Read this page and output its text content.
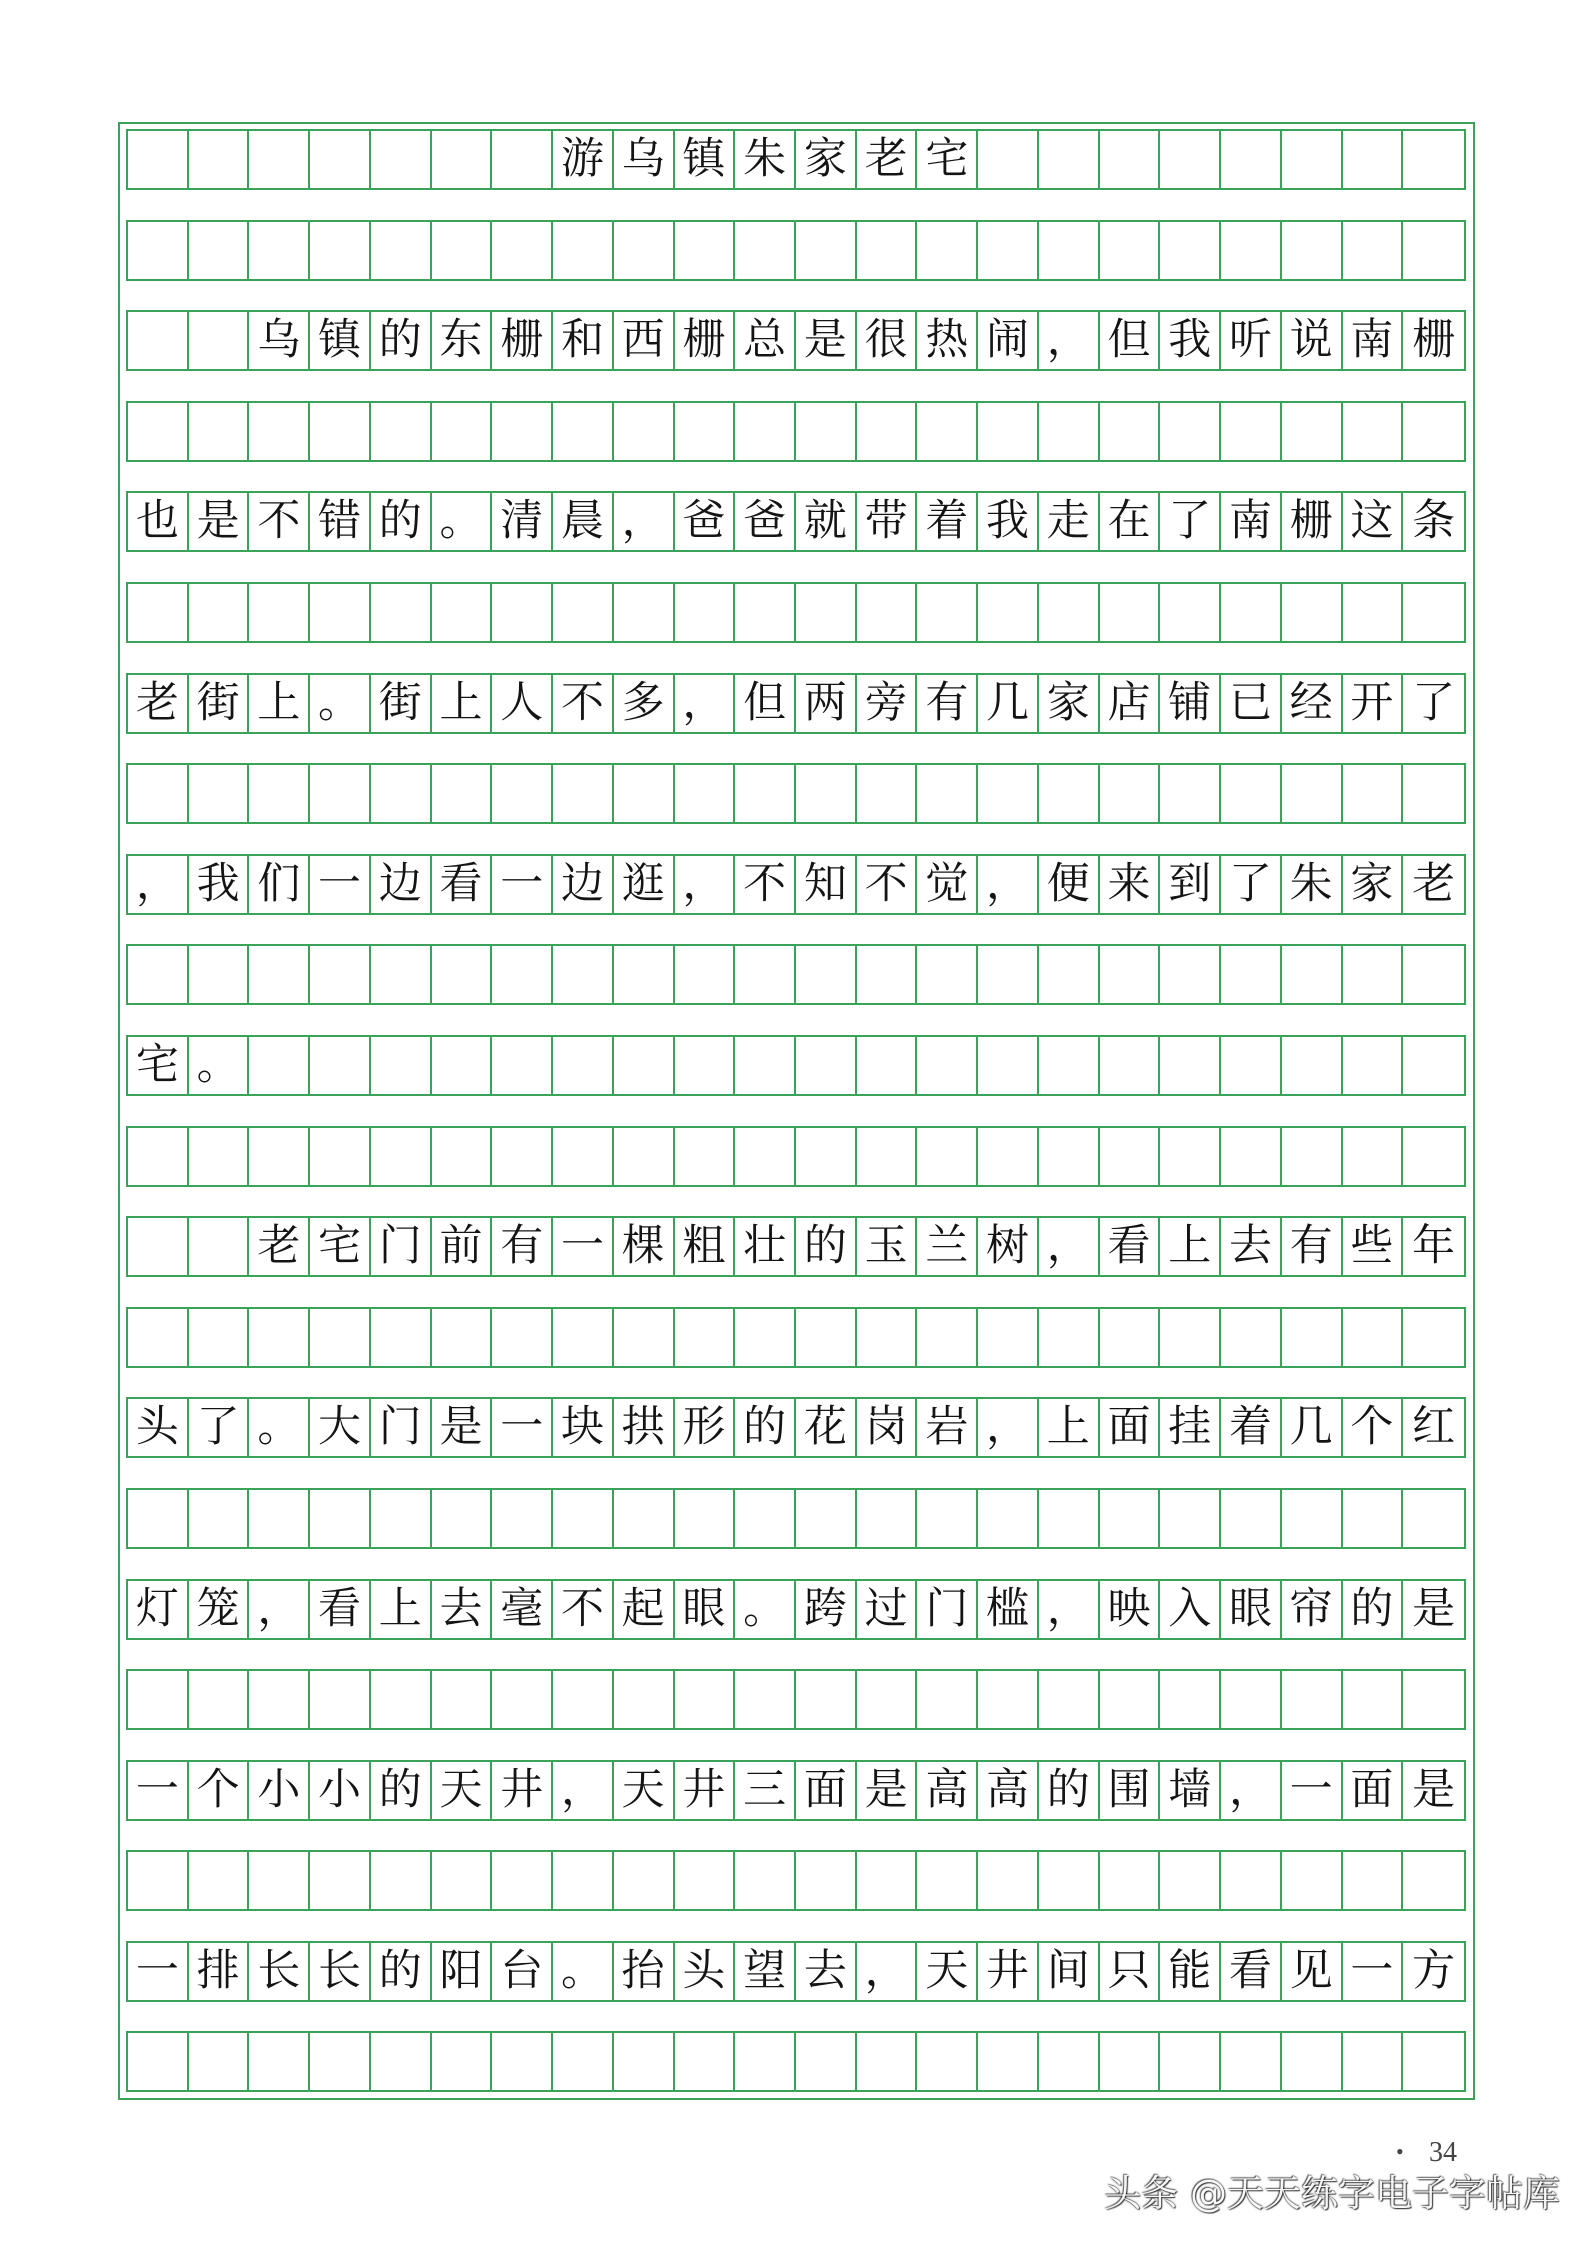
游 乌 镇 朱 家 老 宅
乌 镇 的 东 栅 和 西 栅 总 是 很 热 闹 ， 但 我 听 说 南 栅
也 是 不 错 的 。 清 晨 ， 爸 爸 就 带 着 我 走 在 了 南 栅 这 条
老 街 上 。 街 上 人 不 多 ， 但 两 旁 有 几 家 店 铺 已 经 开 了
， 我 们 一 边 看 一 边 逛 ， 不 知 不 觉 ， 便 来 到 了 朱 家 老
宅 。
老 宅 门 前 有 一 棵 粗 壮 的 玉 兰 树 ， 看 上 去 有 些 年
头 了 。 大 门 是 一 块 拱 形 的 花 岗 岩 ， 上 面 挂 着 几 个 红
灯 笼 ， 看 上 去 毫 不 起 眼 。 跨 过 门 槛 ， 映 入 眼 帘 的 是
一 个 小 小 的 天 井 ， 天 井 三 面 是 高 高 的 围 墙 ， 一 面 是
一 排 长 长 的 阳 台 。 抬 头 望 去 ， 天 井 间 只 能 看 见 一 方
• 34
头条 @天天练字电子字帖库
